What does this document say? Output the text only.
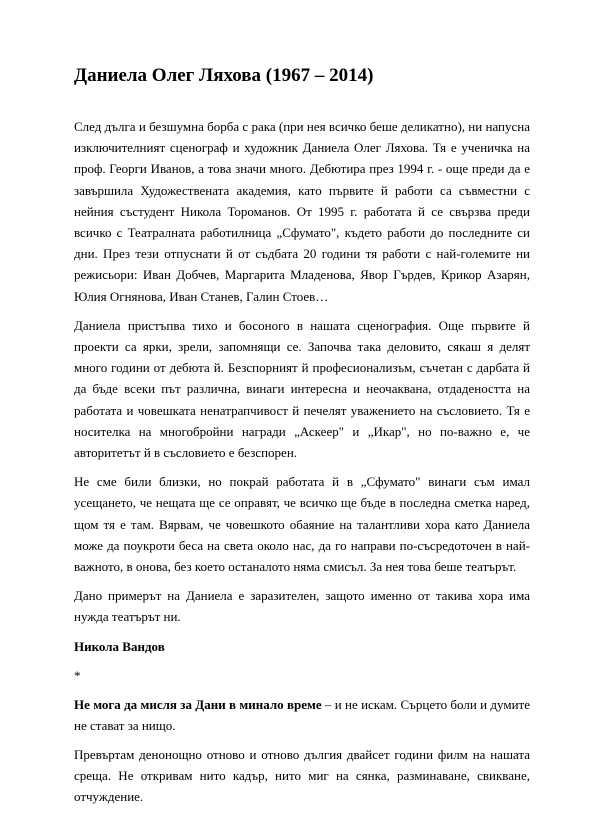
Даниела Олег Ляхова (1967 – 2014)

След дълга и безшумна борба с рака (при нея всичко беше деликатно), ни напусна изключителният сценограф и художник Даниела Олег Ляхова. Тя е ученичка на проф. Георги Иванов, а това значи много. Дебютира през 1994 г. - още преди да е завършила Художествената академия, като първите й работи са съвместни с нейния състудент Никола Тороманов. От 1995 г. работата й се свързва преди всичко с Театралната работилница „Сфумато", където работи до последните си дни. През тези отпуснати й от съдбата 20 години тя работи с най-големите ни режисьори: Иван Добчев, Маргарита Младенова, Явор Гърдев, Крикор Азарян, Юлия Огнянова, Иван Станев, Галин Стоев…

Даниела пристъпва тихо и босоного в нашата сценография. Още първите й проекти са ярки, зрели, запомнящи се. Започва така деловито, сякаш я делят много години от дебюта й. Безспорният й професионализъм, съчетан с дарбата й да бъде всеки път различна, винаги интересна и неочаквана, отдадеността на работата и човешката ненатрапчивост й печелят уважението на съсловието. Тя е носителка на многобройни награди „Аскеер" и „Икар", но по-важно е, че авторитетът й в съсловието е безспорен.

Не сме били близки, но покрай работата й в „Сфумато" винаги съм имал усещането, че нещата ще се оправят, че всичко ще бъде в последна сметка наред, щом тя е там. Вярвам, че човешкото обаяние на талантливи хора като Даниела може да поукроти беса на света около нас, да го направи по-съсредоточен в най-важното, в онова, без което останалото няма смисъл. За нея това беше театърът.

Дано примерът на Даниела е заразителен, защото именно от такива хора има нужда театърът ни.

Никола Вандов
*

Не мога да мисля за Дани в минало време – и не искам. Сърцето боли и думите не стават за нищо.

Превъртам денонощно отново и отново дългия двайсет години филм на нашата среща. Не откривам нито кадър, нито миг на сянка, разминаване, свикване, отчуждение.
